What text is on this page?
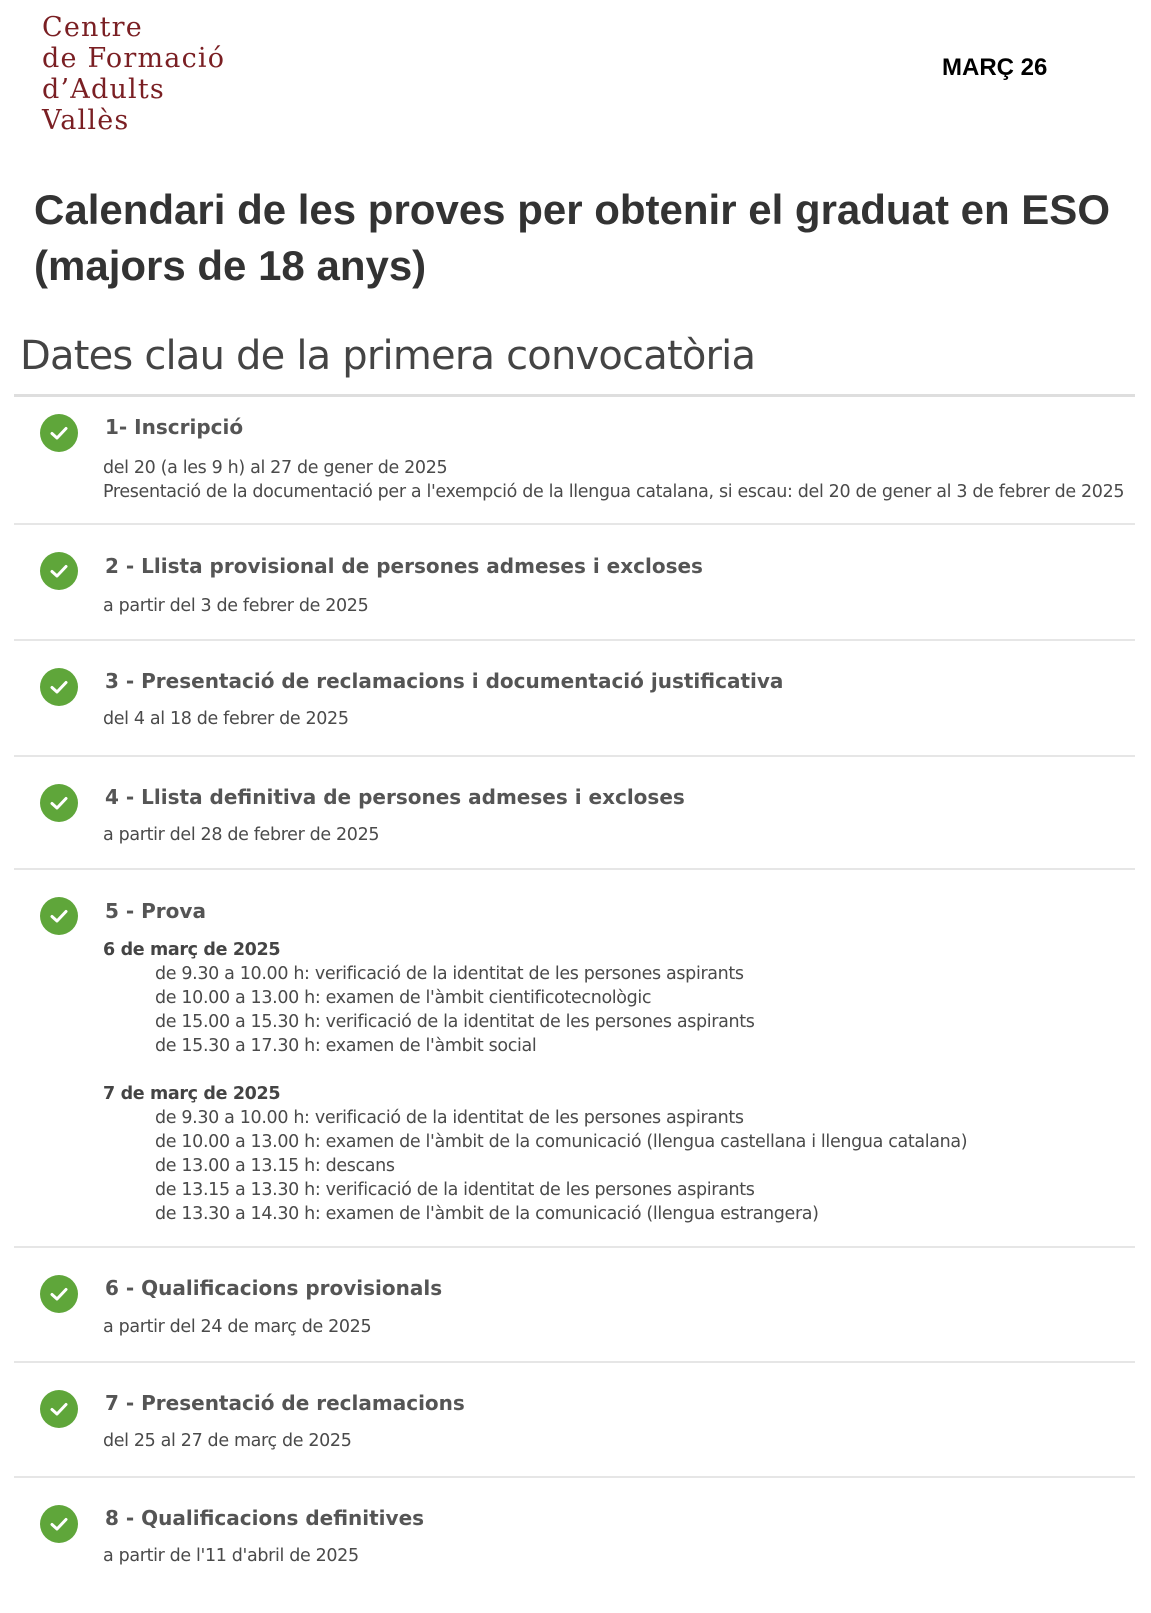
Centre
de Formació
d’Adults
Vallès
MARÇ 26
Calendari de les proves per obtenir el graduat en ESO (majors de 18 anys)
Dates clau de la primera convocatòria
1- Inscripció
del 20 (a les 9 h) al 27 de gener de 2025
Presentació de la documentació per a l'exempció de la llengua catalana, si escau: del 20 de gener al 3 de febrer de 2025
2 - Llista provisional de persones admeses i excloses
a partir del 3 de febrer de 2025
3 - Presentació de reclamacions i documentació justificativa
del 4 al 18 de febrer de 2025
4 - Llista definitiva de persones admeses i excloses
a partir del 28 de febrer de 2025
5 - Prova
6 de març de 2025
de 9.30 a 10.00 h: verificació de la identitat de les persones aspirants
de 10.00 a 13.00 h: examen de l'àmbit cientificotecnològic
de 15.00 a 15.30 h: verificació de la identitat de les persones aspirants
de 15.30 a 17.30 h: examen de l'àmbit social
7 de març de 2025
de 9.30 a 10.00 h: verificació de la identitat de les persones aspirants
de 10.00 a 13.00 h: examen de l'àmbit de la comunicació (llengua castellana i llengua catalana)
de 13.00 a 13.15 h: descans
de 13.15 a 13.30 h: verificació de la identitat de les persones aspirants
de 13.30 a 14.30 h: examen de l'àmbit de la comunicació (llengua estrangera)
6 - Qualificacions provisionals
a partir del 24 de març de 2025
7 - Presentació de reclamacions
del 25 al 27 de març de 2025
8 - Qualificacions definitives
a partir de l'11 d'abril de 2025
